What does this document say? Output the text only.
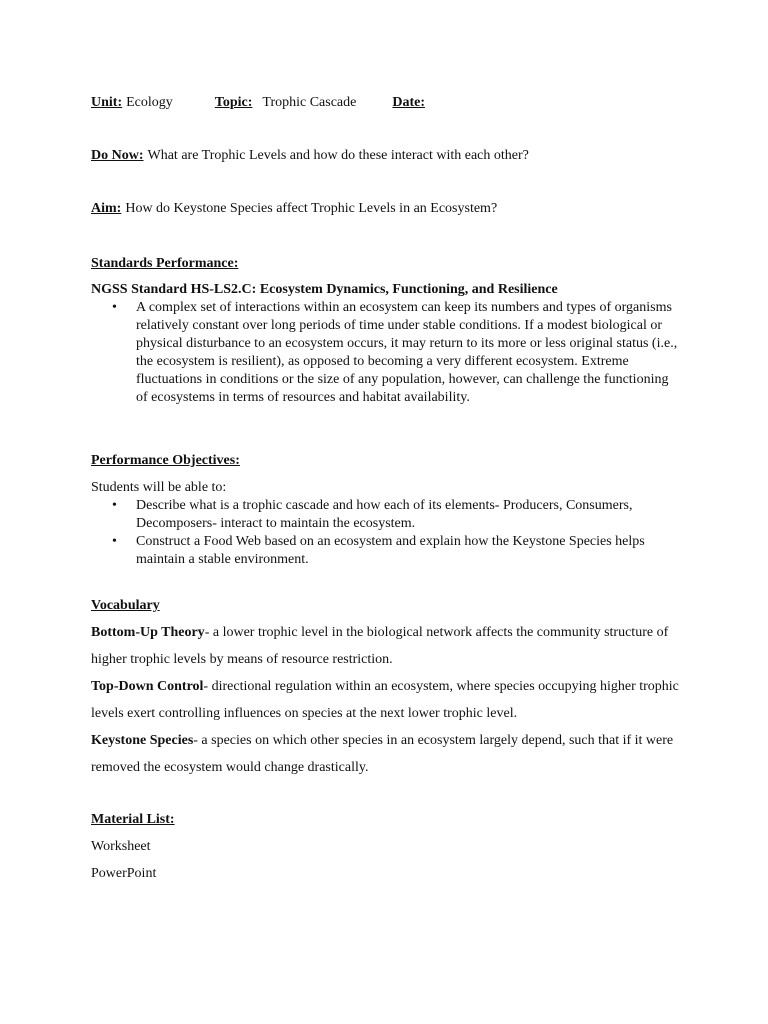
Unit: Ecology	Topic: Trophic Cascade	Date:
Do Now: What are Trophic Levels and how do these interact with each other?
Aim: How do Keystone Species affect Trophic Levels in an Ecosystem?
Standards Performance:
NGSS Standard HS-LS2.C: Ecosystem Dynamics, Functioning, and Resilience
• A complex set of interactions within an ecosystem can keep its numbers and types of organisms relatively constant over long periods of time under stable conditions. If a modest biological or physical disturbance to an ecosystem occurs, it may return to its more or less original status (i.e., the ecosystem is resilient), as opposed to becoming a very different ecosystem. Extreme fluctuations in conditions or the size of any population, however, can challenge the functioning of ecosystems in terms of resources and habitat availability.
Performance Objectives:
Students will be able to:
• Describe what is a trophic cascade and how each of its elements- Producers, Consumers, Decomposers- interact to maintain the ecosystem.
• Construct a Food Web based on an ecosystem and explain how the Keystone Species helps maintain a stable environment.
Vocabulary
Bottom-Up Theory- a lower trophic level in the biological network affects the community structure of higher trophic levels by means of resource restriction.
Top-Down Control- directional regulation within an ecosystem, where species occupying higher trophic levels exert controlling influences on species at the next lower trophic level.
Keystone Species- a species on which other species in an ecosystem largely depend, such that if it were removed the ecosystem would change drastically.
Material List:
Worksheet
PowerPoint
